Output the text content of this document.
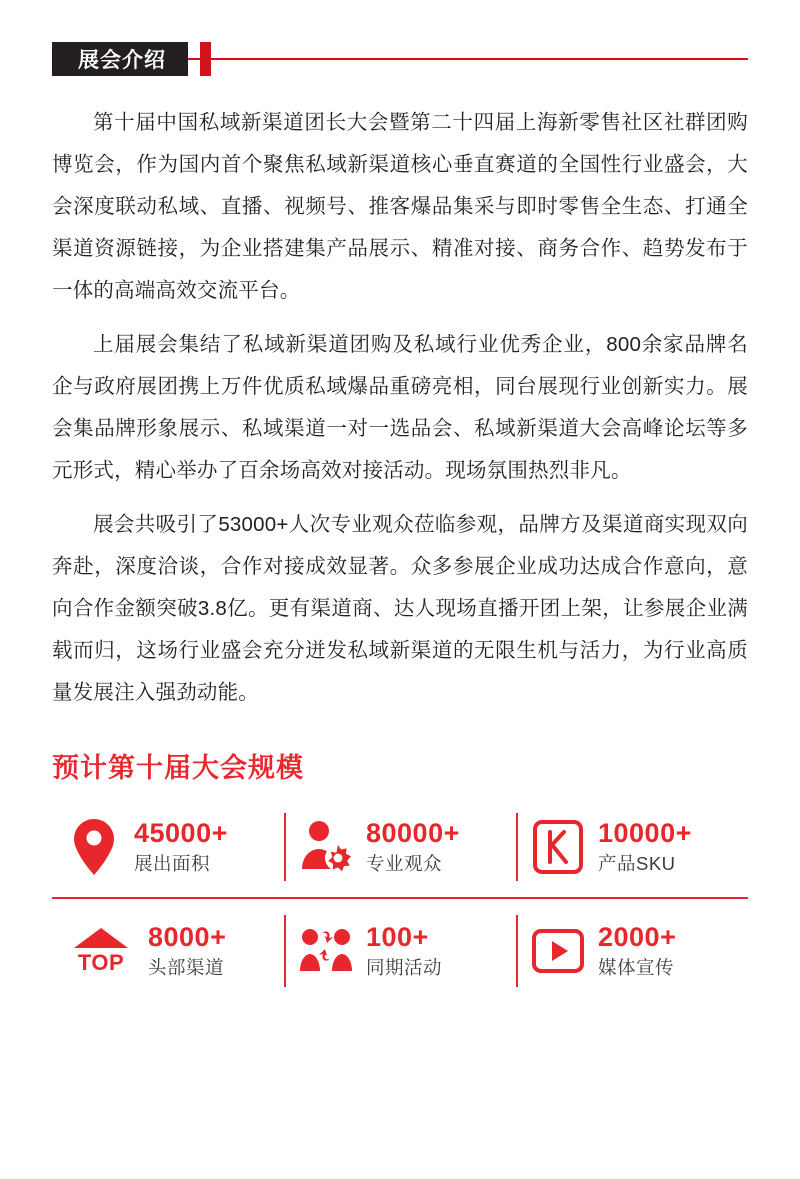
展会介绍

第十届中国私域新渠道团长大会暨第二十四届上海新零售社区社群团购博览会，作为国内首个聚焦私域新渠道核心垂直赛道的全国性行业盛会，大会深度联动私域、直播、视频号、推客爆品集采与即时零售全生态、打通全渠道资源链接，为企业搭建集产品展示、精准对接、商务合作、趋势发布于一体的高端高效交流平台。

上届展会集结了私域新渠道团购及私域行业优秀企业，800余家品牌名企与政府展团携上万件优质私域爆品重磅亮相，同台展现行业创新实力。展会集品牌形象展示、私域渠道一对一选品会、私域新渠道大会高峰论坛等多元形式，精心举办了百余场高效对接活动。现场氛围热烈非凡。

展会共吸引了53000+人次专业观众莅临参观，品牌方及渠道商实现双向奔赴，深度洽谈，合作对接成效显著。众多参展企业成功达成合作意向，意向合作金额突破3.8亿。更有渠道商、达人现场直播开团上架，让参展企业满载而归，这场行业盛会充分迸发私域新渠道的无限生机与活力，为行业高质量发展注入强劲动能。

预计第十届大会规模
45000+
展出面积
80000+
专业观众
10000+
产品SKU
TOP
8000+
头部渠道
100+
同期活动
2000+
媒体宣传
